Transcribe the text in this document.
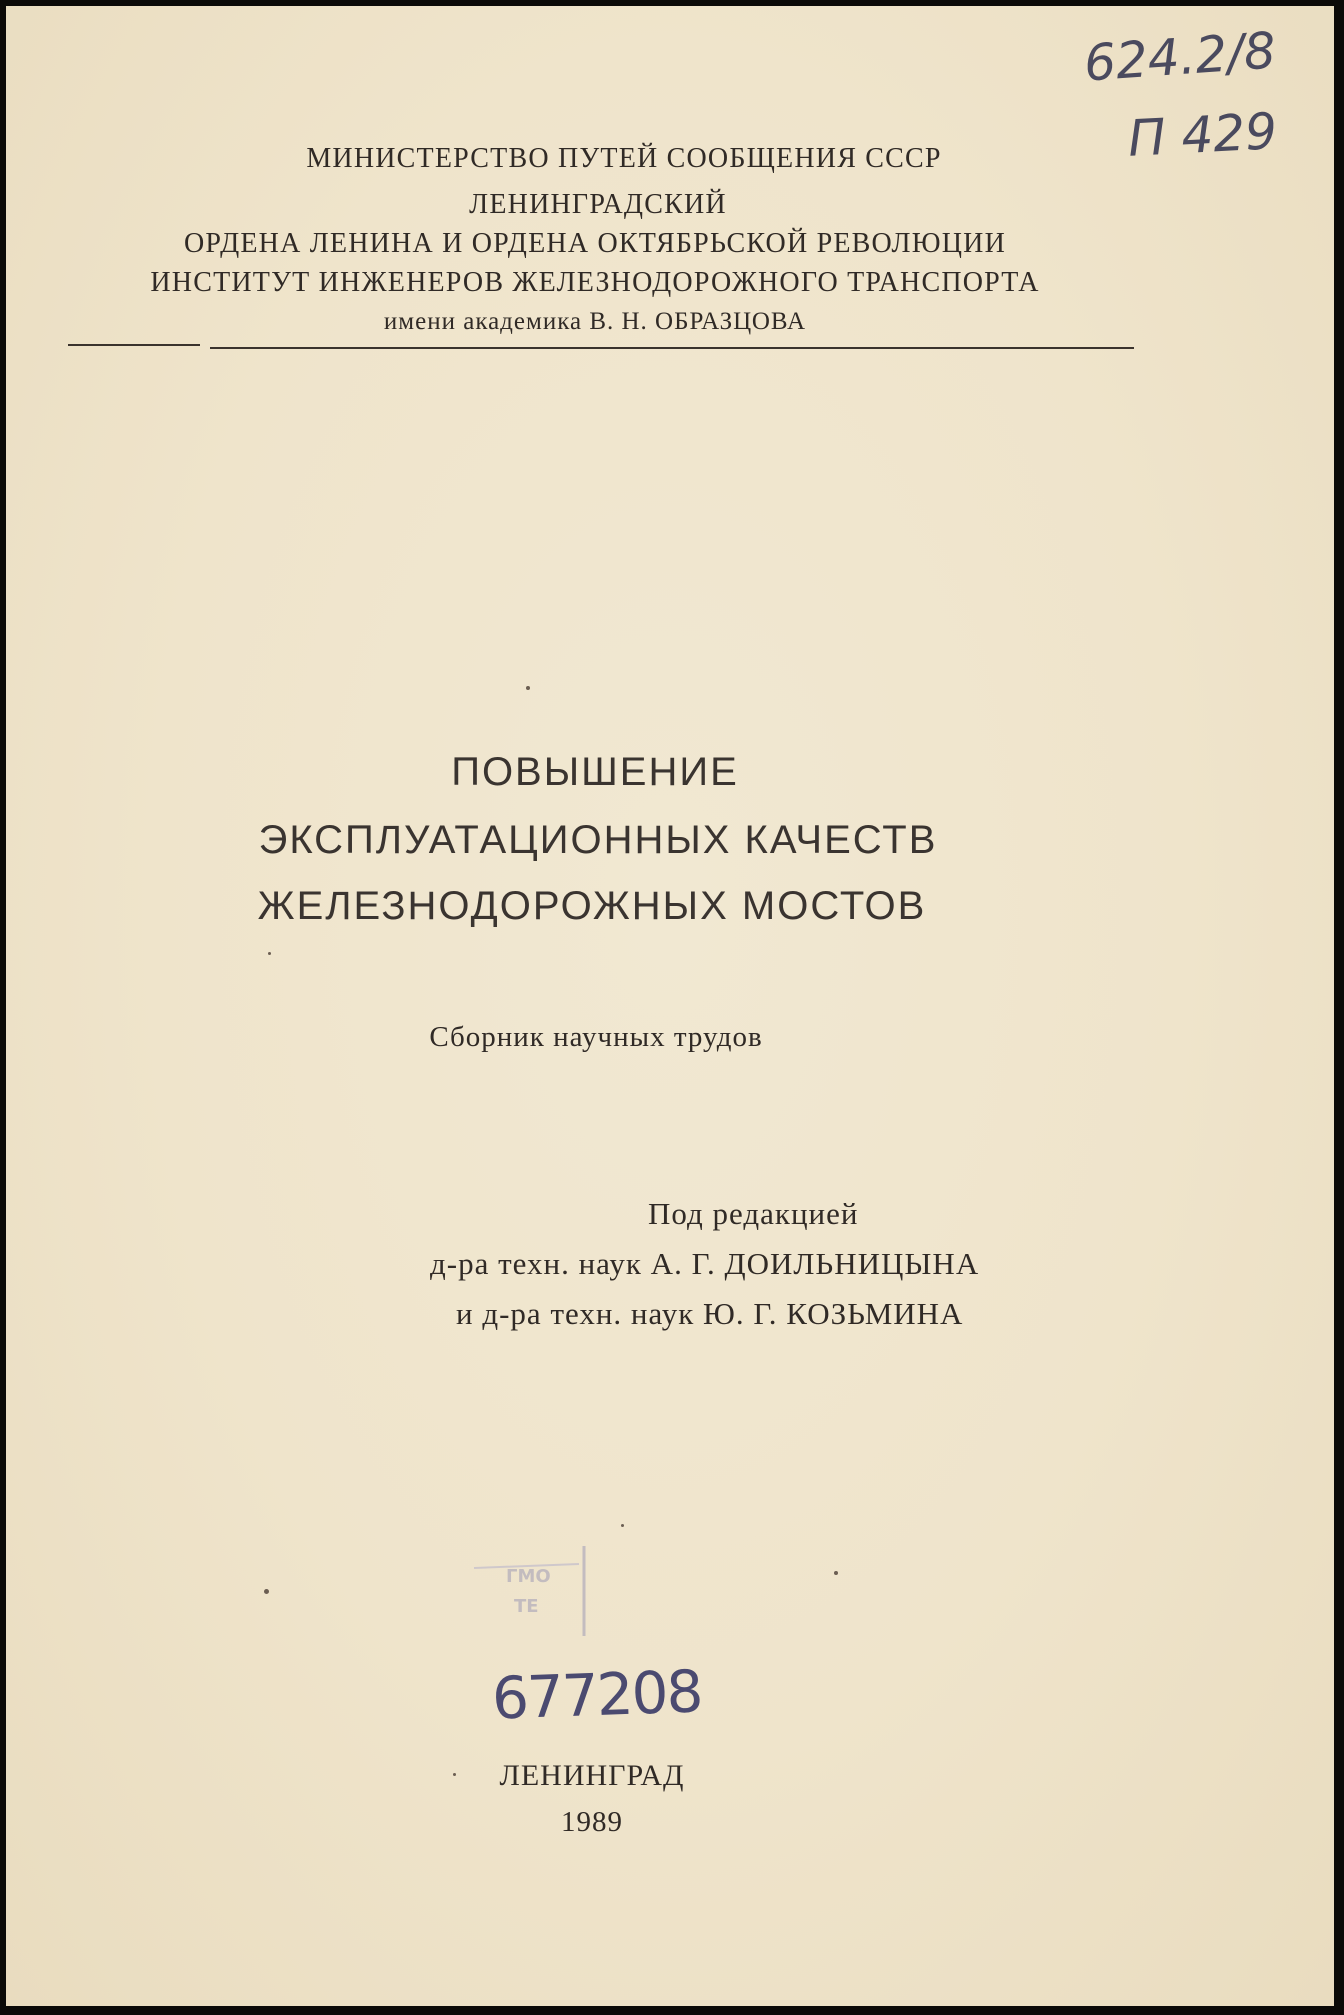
624.2/8
П 429
МИНИСТЕРСТВО ПУТЕЙ СООБЩЕНИЯ СССР
ЛЕНИНГРАДСКИЙ
ОРДЕНА ЛЕНИНА И ОРДЕНА ОКТЯБРЬСКОЙ РЕВОЛЮЦИИ
ИНСТИТУТ ИНЖЕНЕРОВ ЖЕЛЕЗНОДОРОЖНОГО ТРАНСПОРТА
имени академика В. Н. ОБРАЗЦОВА
ПОВЫШЕНИЕ
ЭКСПЛУАТАЦИОННЫХ КАЧЕСТВ
ЖЕЛЕЗНОДОРОЖНЫХ МОСТОВ
Сборник научных трудов
Под редакцией
д-ра техн. наук А. Г. ДОИЛЬНИЦЫНА
и д-ра техн. наук Ю. Г. КОЗЬМИНА
ГМО
ТЕ
677208
ЛЕНИНГРАД
1989
